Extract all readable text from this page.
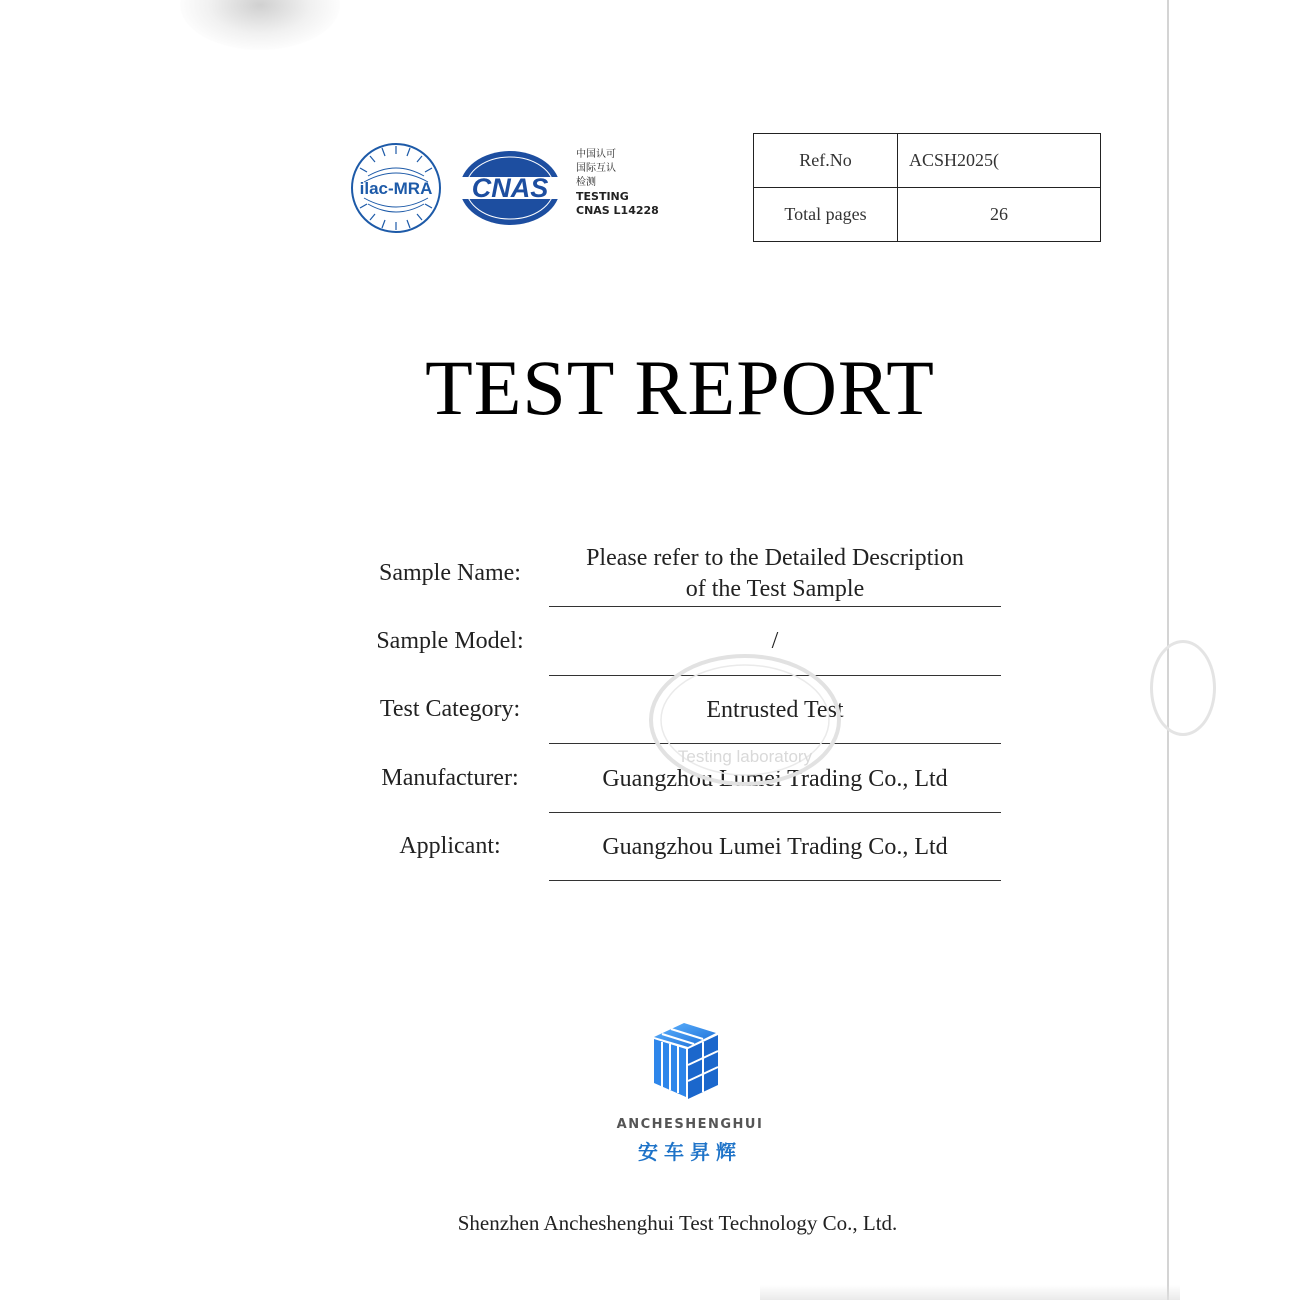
ilac-MRA CNAS
中国认可
国际互认
检测
TESTING
CNAS L14228
Ref.No	ACSH2025(
Total pages	26
TEST REPORT
Sample Name:
Please refer to the Detailed Description
of the Test Sample
Sample Model:	/
Test Category:	Entrusted Test
Manufacturer:	Guangzhou Lumei Trading Co., Ltd
Applicant:	Guangzhou Lumei Trading Co., Ltd
Testing laboratory
ANCHESHENGHUI
安车昇辉
Shenzhen Ancheshenghui Test Technology Co., Ltd.
